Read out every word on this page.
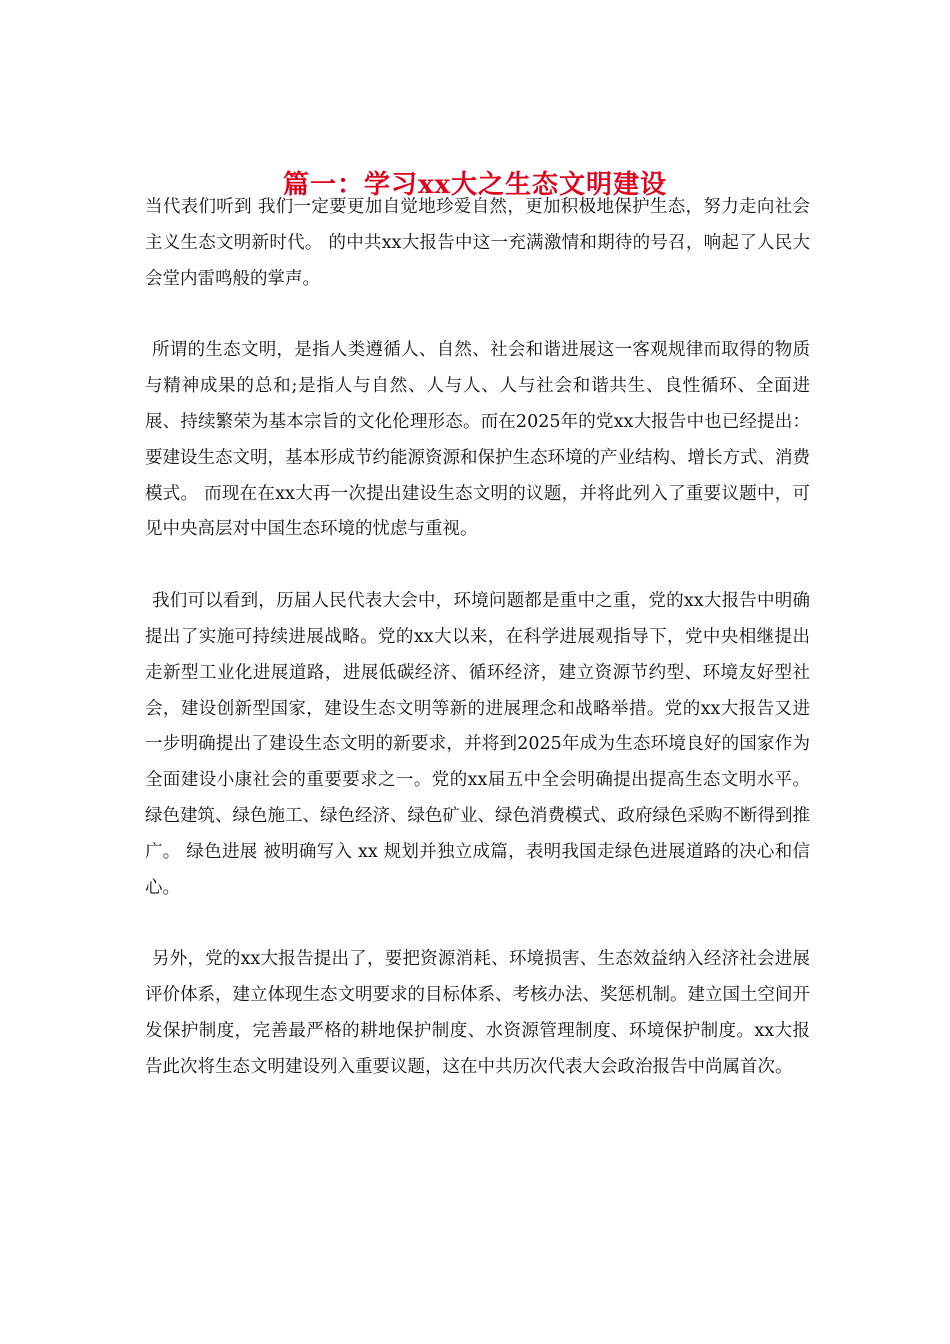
篇一：学习xx大之生态文明建设

当代表们听到 我们一定要更加自觉地珍爱自然，更加积极地保护生态，努力走向社会主义生态文明新时代。 的中共xx大报告中这一充满激情和期待的号召，响起了人民大会堂内雷鸣般的掌声。

所谓的生态文明，是指人类遵循人、自然、社会和谐进展这一客观规律而取得的物质与精神成果的总和;是指人与自然、人与人、人与社会和谐共生、良性循环、全面进展、持续繁荣为基本宗旨的文化伦理形态。而在2025年的党xx大报告中也已经提出： 要建设生态文明，基本形成节约能源资源和保护生态环境的产业结构、增长方式、消费模式。 而现在在xx大再一次提出建设生态文明的议题，并将此列入了重要议题中，可见中央高层对中国生态环境的忧虑与重视。

我们可以看到，历届人民代表大会中，环境问题都是重中之重，党的xx大报告中明确提出了实施可持续进展战略。党的xx大以来，在科学进展观指导下，党中央相继提出走新型工业化进展道路，进展低碳经济、循环经济，建立资源节约型、环境友好型社会，建设创新型国家，建设生态文明等新的进展理念和战略举措。党的xx大报告又进一步明确提出了建设生态文明的新要求，并将到2025年成为生态环境良好的国家作为全面建设小康社会的重要要求之一。党的xx届五中全会明确提出提高生态文明水平。绿色建筑、绿色施工、绿色经济、绿色矿业、绿色消费模式、政府绿色采购不断得到推广。 绿色进展 被明确写入 xx 规划并独立成篇，表明我国走绿色进展道路的决心和信心。

另外，党的xx大报告提出了，要把资源消耗、环境损害、生态效益纳入经济社会进展评价体系，建立体现生态文明要求的目标体系、考核办法、奖惩机制。建立国土空间开发保护制度，完善最严格的耕地保护制度、水资源管理制度、环境保护制度。xx大报告此次将生态文明建设列入重要议题，这在中共历次代表大会政治报告中尚属首次。
